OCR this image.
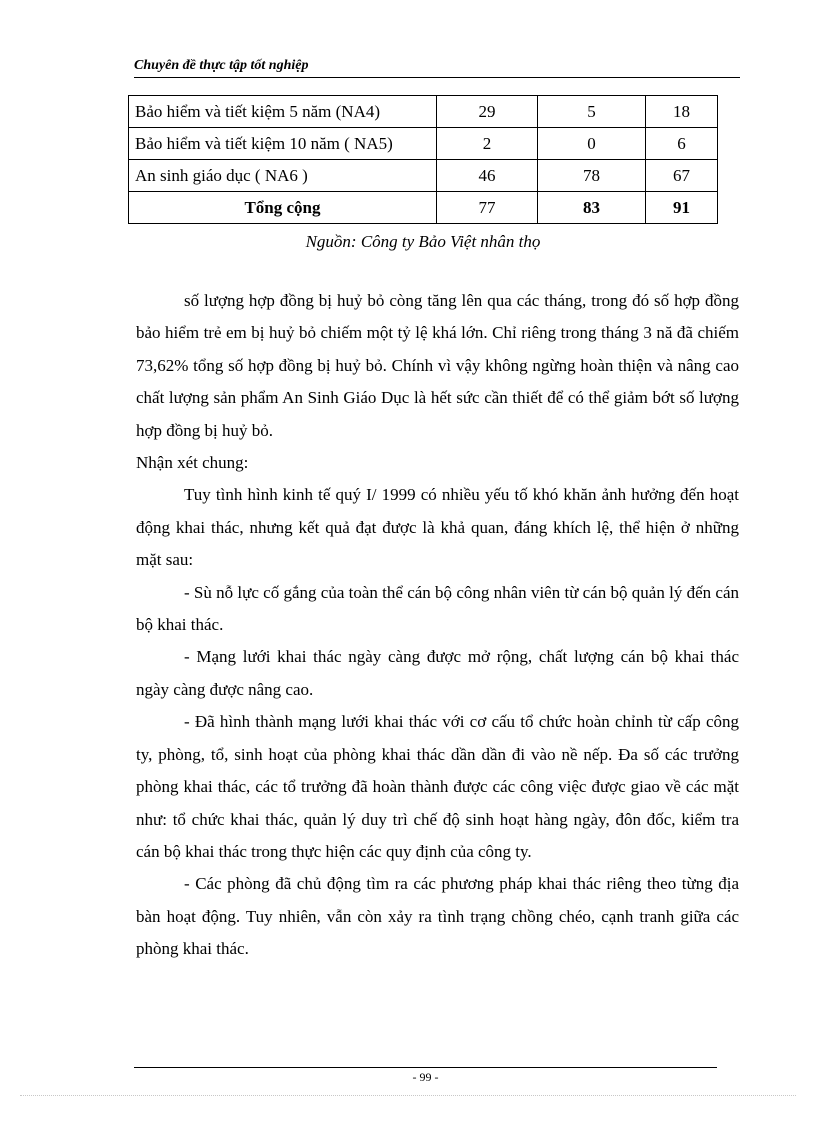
Chuyên đề thực tập tốt nghiệp
Bảo hiểm và tiết kiệm 5 năm (NA4)	29	5	18
Bảo hiểm và tiết kiệm 10 năm ( NA5)	2	0	6
An sinh giáo dục ( NA6 )	46	78	67
Tổng cộng	77	83	91
Nguồn: Công ty Bảo Việt nhân thọ

số lượng hợp đồng bị huỷ bỏ còng tăng lên qua các tháng, trong đó số hợp đồng bảo hiểm trẻ em bị huỷ bỏ chiếm một tỷ lệ khá lớn. Chỉ riêng trong tháng 3 nă đã chiếm 73,62% tổng số hợp đồng bị huỷ bỏ. Chính vì vậy không ngừng hoàn thiện và nâng cao chất lượng sản phẩm An Sinh Giáo Dục là hết sức cần thiết để có thể giảm bớt số lượng hợp đồng bị huỷ bỏ.

Nhận xét chung:

Tuy tình hình kinh tế quý I/ 1999 có nhiều yếu tố khó khăn ảnh hưởng đến hoạt động khai thác, nhưng kết quả đạt được là khả quan, đáng khích lệ, thể hiện ở những mặt sau:

- Sù nỗ lực cố gắng của toàn thể cán bộ công nhân viên từ cán bộ quản lý đến cán bộ khai thác.

- Mạng lưới khai thác ngày càng được mở rộng, chất lượng cán bộ khai thác ngày càng được nâng cao.

- Đã hình thành mạng lưới khai thác với cơ cấu tổ chức hoàn chỉnh từ cấp công ty, phòng, tổ, sinh hoạt của phòng khai thác dần dần đi vào nề nếp. Đa số các trưởng phòng khai thác, các tổ trưởng đã hoàn thành được các công việc được giao về các mặt như: tổ chức khai thác, quản lý duy trì chế độ sinh hoạt hàng ngày, đôn đốc, kiểm tra cán bộ khai thác trong thực hiện các quy định của công ty.

- Các phòng đã chủ động tìm ra các phương pháp khai thác riêng theo từng địa bàn hoạt động. Tuy nhiên, vẫn còn xảy ra tình trạng chồng chéo, cạnh tranh giữa các phòng khai thác.

- 99 -
